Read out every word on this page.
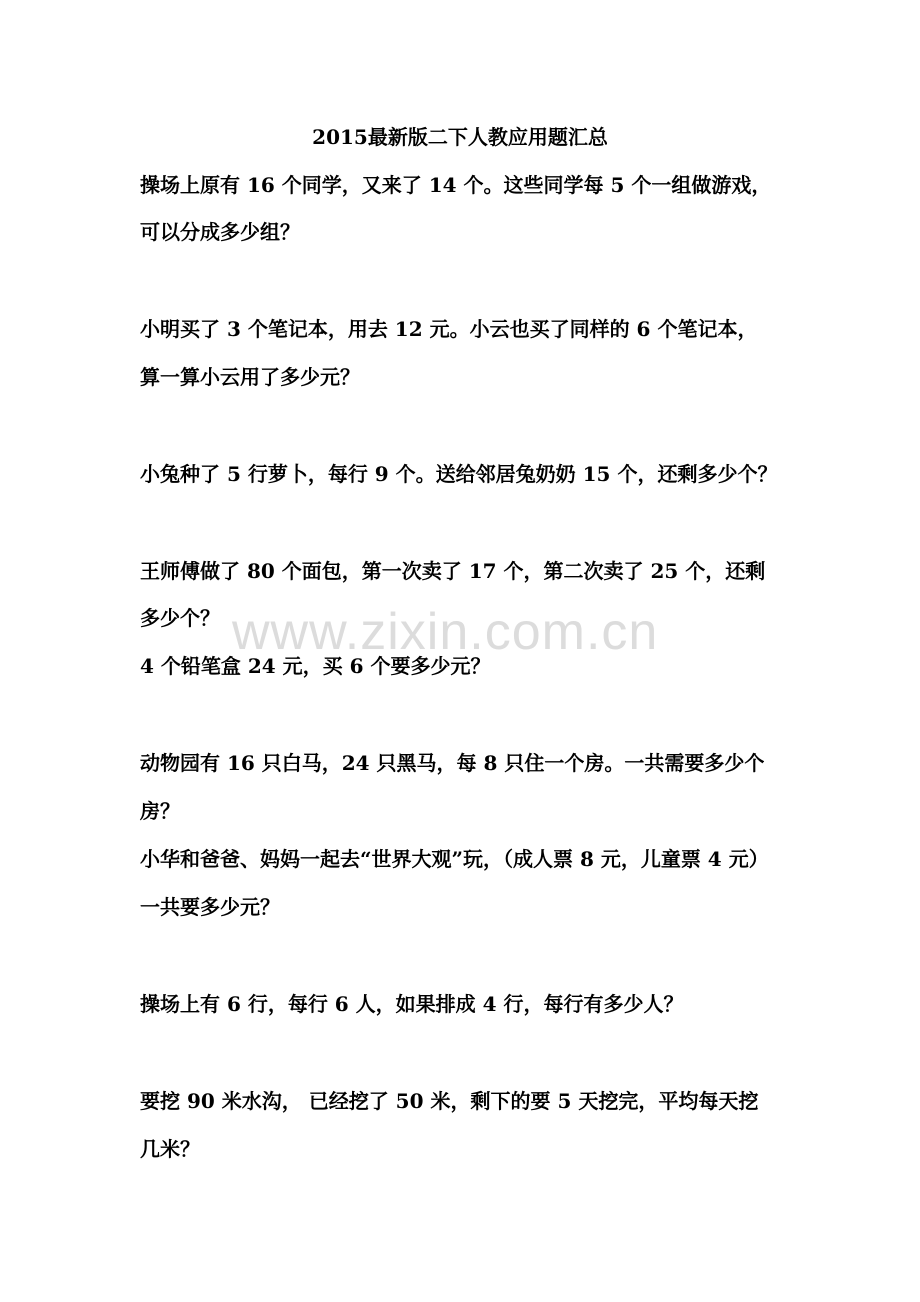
2015最新版二下人教应用题汇总
操场上原有 16 个同学，又来了 14 个。这些同学每 5 个一组做游戏，
可以分成多少组？
小明买了 3 个笔记本，用去 12 元。小云也买了同样的 6 个笔记本，
算一算小云用了多少元？
小兔种了 5 行萝卜，每行 9 个。送给邻居兔奶奶 15 个，还剩多少个？
王师傅做了 80 个面包，第一次卖了 17 个，第二次卖了 25 个，还剩
多少个？
4 个铅笔盒 24 元，买 6 个要多少元？
动物园有 16 只白马，24 只黑马，每 8 只住一个房。一共需要多少个
房？
小华和爸爸、妈妈一起去“世界大观”玩，（成人票 8 元，儿童票 4 元）
一共要多少元？
操场上有 6 行，每行 6 人，如果排成 4 行，每行有多少人？
要挖 90 米水沟， 已经挖了 50 米，剩下的要 5 天挖完，平均每天挖
几米？
www.zixin.com.cn
